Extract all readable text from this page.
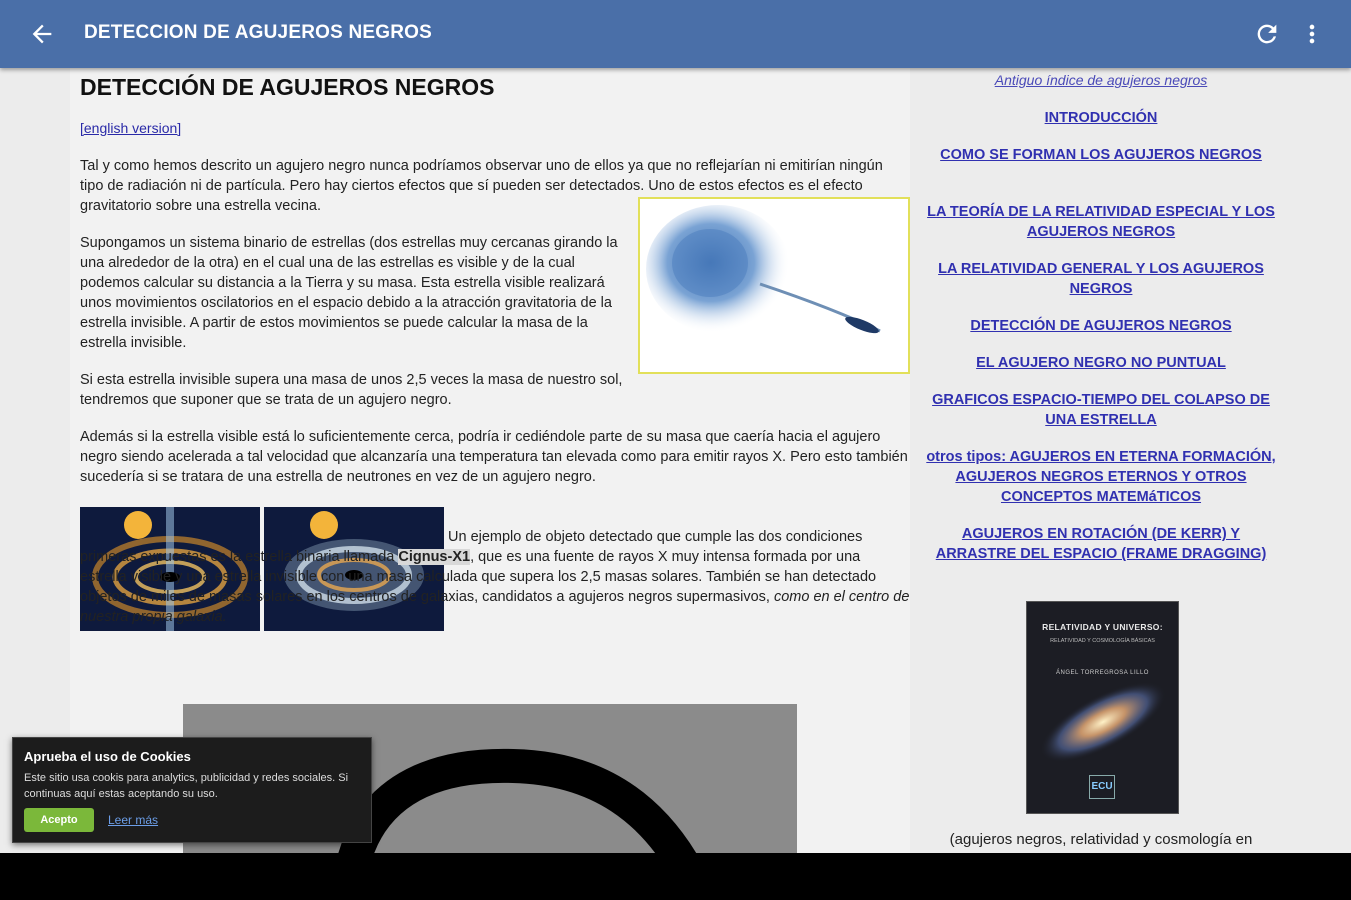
DETECCION DE AGUJEROS NEGROS
DETECCIÓN DE AGUJEROS NEGROS
[english version]

Tal y como hemos descrito un agujero negro nunca podríamos observar uno de ellos ya que no reflejarían ni emitirían ningún tipo de radiación ni de partícula. Pero hay ciertos efectos que sí pueden ser detectados. Uno de estos efectos es el efecto gravitatorio sobre una estrella vecina.

Supongamos un sistema binario de estrellas (dos estrellas muy cercanas girando la una alrededor de la otra) en el cual una de las estrellas es visible y de la cual podemos calcular su distancia a la Tierra y su masa. Esta estrella visible realizará unos movimientos oscilatorios en el espacio debido a la atracción gravitatoria de la estrella invisible. A partir de estos movimientos se puede calcular la masa de la estrella invisible.

Si esta estrella invisible supera una masa de unos 2,5 veces la masa de nuestro sol, tendremos que suponer que se trata de un agujero negro.

Además si la estrella visible está lo suficientemente cerca, podría ir cediéndole parte de su masa que caería hacia el agujero negro siendo acelerada a tal velocidad que alcanzaría una temperatura tan elevada como para emitir rayos X. Pero esto también sucedería si se tratara de una estrella de neutrones en vez de un agujero negro.

Un ejemplo de objeto detectado que cumple las dos condiciones primeras expuestas es la estrella binaria llamada Cignus-X1, que es una fuente de rayos X muy intensa formada por una estrella visible y una estrella invisible con una masa calculada que supera los 2,5 masas solares. También se han detectado objetos de miles de masas solares en los centros de galaxias, candidatos a agujeros negros supermasivos, como en el centro de nuestra propia galaxia.

Antiguo índice de agujeros negros
INTRODUCCIÓN
COMO SE FORMAN LOS AGUJEROS NEGROS
LA TEORÍA DE LA RELATIVIDAD ESPECIAL Y LOS AGUJEROS NEGROS
LA RELATIVIDAD GENERAL Y LOS AGUJEROS NEGROS
DETECCIÓN DE AGUJEROS NEGROS
EL AGUJERO NEGRO NO PUNTUAL
GRAFICOS ESPACIO-TIEMPO DEL COLAPSO DE UNA ESTRELLA
otros tipos: AGUJEROS EN ETERNA FORMACIÓN, AGUJEROS NEGROS ETERNOS Y OTROS CONCEPTOS MATEMáTICOS
AGUJEROS EN ROTACIÓN (DE KERR) Y ARRASTRE DEL ESPACIO (FRAME DRAGGING)
RELATIVIDAD Y UNIVERSO:
RELATIVIDAD Y COSMOLOGÍA BÁSICAS
ÁNGEL TORREGROSA LILLO
ECU
(agujeros negros, relatividad y cosmología en
Aprueba el uso de Cookies
Este sitio usa cookis para analytics, publicidad y redes sociales. Si continuas aquí estas aceptando su uso.
Acepto	Leer más
